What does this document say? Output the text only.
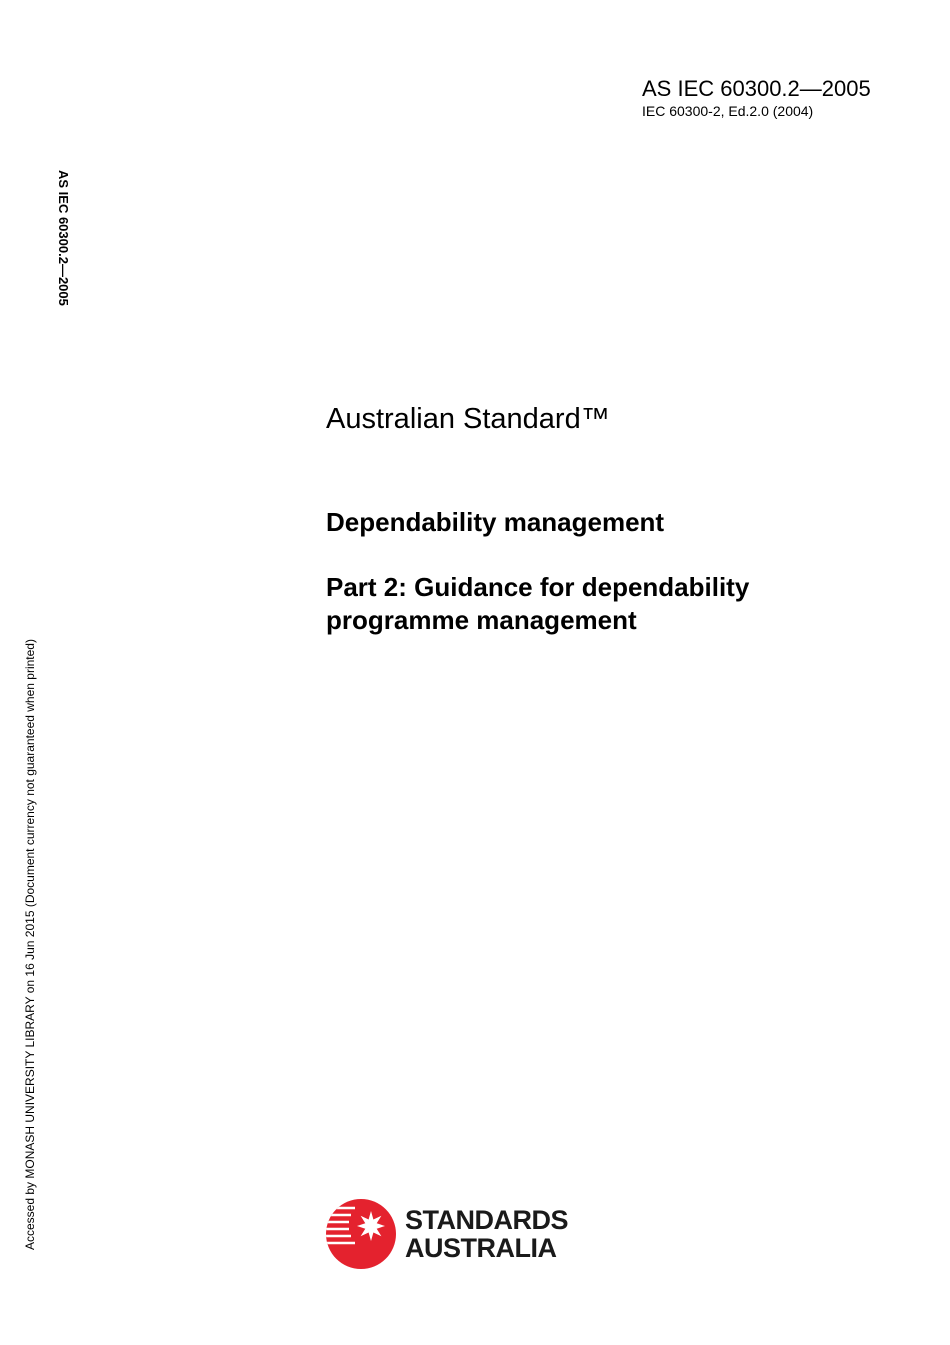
AS IEC 60300.2—2005
IEC 60300-2, Ed.2.0 (2004)
AS IEC 60300.2—2005
Accessed by MONASH UNIVERSITY LIBRARY on 16 Jun 2015 (Document currency not guaranteed when printed)
Australian Standard™
Dependability management
Part 2: Guidance for dependability programme management
STANDARDS
AUSTRALIA
